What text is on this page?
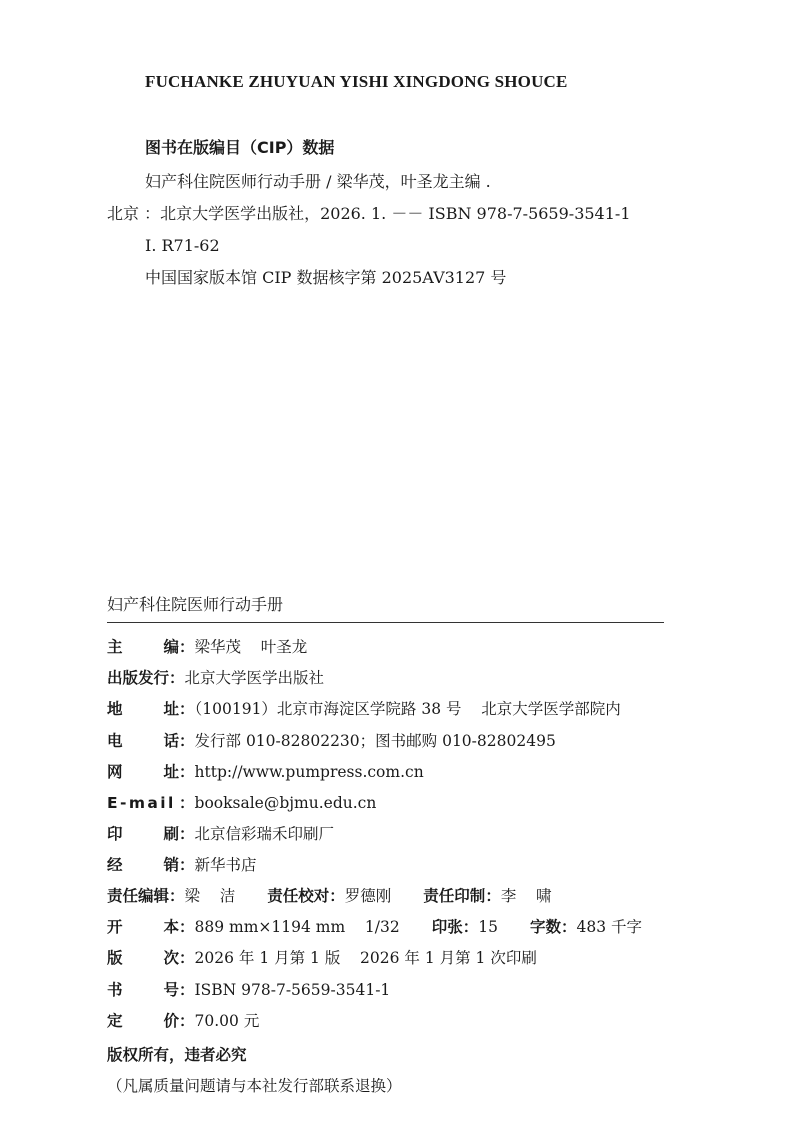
FUCHANKE ZHUYUAN YISHI XINGDONG SHOUCE
图书在版编目（CIP）数据
妇产科住院医师行动手册 / 梁华茂，叶圣龙主编 .
北京 ：北京大学医学出版社，2026. 1. －－ ISBN 978-7-5659-3541-1
Ⅰ. R71-62
中国国家版本馆 CIP 数据核字第 2025AV3127 号
妇产科住院医师行动手册
主	编 ：梁华茂    叶圣龙
出版发行：北京大学医学出版社
地	址 ：（100191）北京市海淀区学院路 38 号    北京大学医学部院内
电	话 ：发行部 010-82802230；图书邮购 010-82802495
网	址 ：http://www.pumpress.com.cn
E-mail ：booksale@bjmu.edu.cn
印	刷 ：北京信彩瑞禾印刷厂
经	销 ：新华书店
责任编辑：梁    洁 责任校对：罗德刚 责任印制：李    啸
开	本 ：889 mm×1194 mm    1/32 印张：15 字数：483 千字
版	次 ：2026 年 1 月第 1 版    2026 年 1 月第 1 次印刷
书	号 ：ISBN 978-7-5659-3541-1
定	价 ：70.00 元
版权所有，违者必究
（凡属质量问题请与本社发行部联系退换）
